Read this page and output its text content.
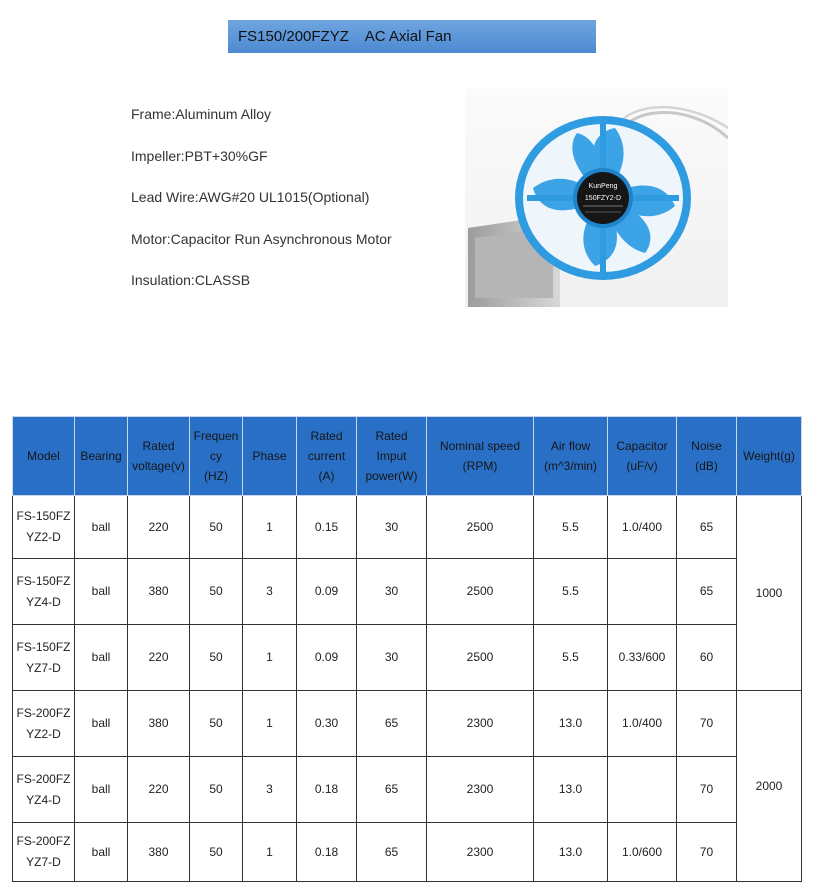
FS150/200FZYZ    AC Axial Fan
Frame:Aluminum Alloy
Impeller:PBT+30%GF
Lead Wire:AWG#20 UL1015(Optional)
Motor:Capacitor Run Asynchronous Motor
Insulation:CLASSB
KunPeng
150FZY2-D
Model	Bearing	Rated
voltage(v)	Frequen
cy
(HZ)	Phase	Rated
current
(A)	Rated
Imput
power(W)	Nominal speed
(RPM)	Air flow
(m^3/min)	Capacitor
(uF/v)	Noise
(dB)	Weight(g)
FS-150FZ
YZ2-D	ball	220	50	1	0.15	30	2500	5.5	1.0/400	65	1000
FS-150FZ
YZ4-D	ball	380	50	3	0.09	30	2500	5.5		65	
FS-150FZ
YZ7-D	ball	220	50	1	0.09	30	2500	5.5	0.33/600	60	
FS-200FZ
YZ2-D	ball	380	50	1	0.30	65	2300	13.0	1.0/400	70	2000
FS-200FZ
YZ4-D	ball	220	50	3	0.18	65	2300	13.0		70	
FS-200FZ
YZ7-D	ball	380	50	1	0.18	65	2300	13.0	1.0/600	70	
